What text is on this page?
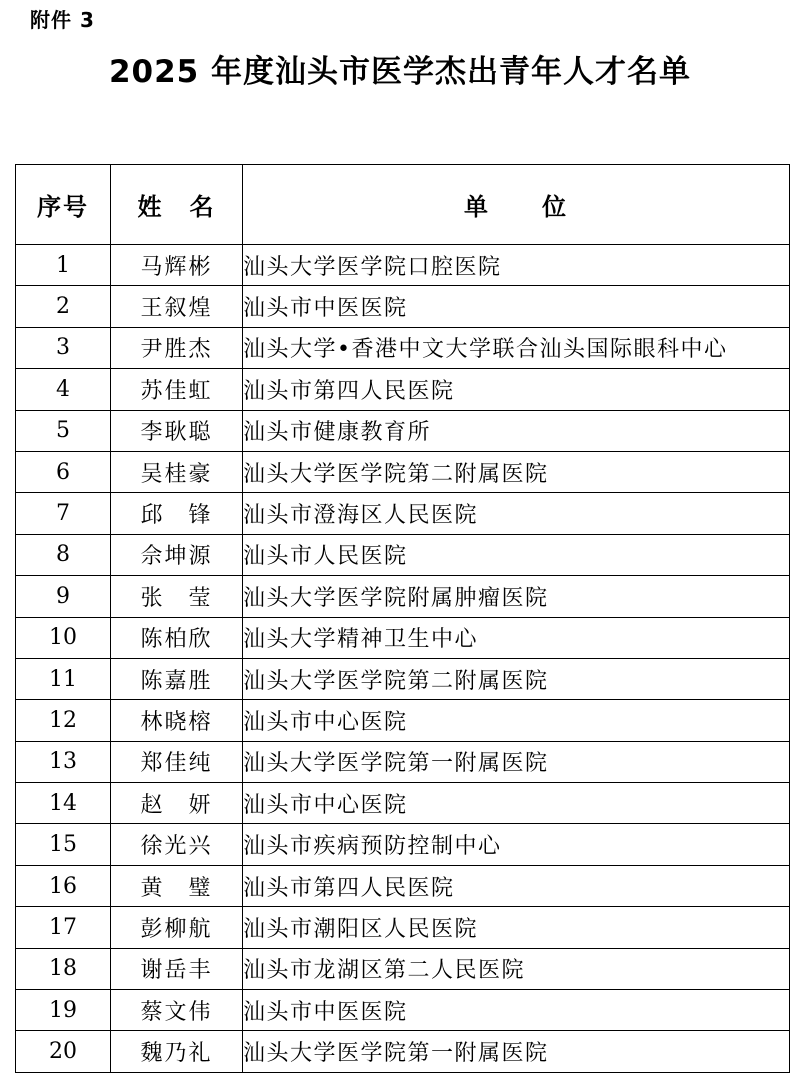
附件 3
2025 年度汕头市医学杰出青年人才名单
序号	姓　名	单　　位
1	马辉彬	汕头大学医学院口腔医院
2	王叙煌	汕头市中医医院
3	尹胜杰	汕头大学•香港中文大学联合汕头国际眼科中心
4	苏佳虹	汕头市第四人民医院
5	李耿聪	汕头市健康教育所
6	吴桂豪	汕头大学医学院第二附属医院
7	邱　锋	汕头市澄海区人民医院
8	佘坤源	汕头市人民医院
9	张　莹	汕头大学医学院附属肿瘤医院
10	陈柏欣	汕头大学精神卫生中心
11	陈嘉胜	汕头大学医学院第二附属医院
12	林晓榕	汕头市中心医院
13	郑佳纯	汕头大学医学院第一附属医院
14	赵　妍	汕头市中心医院
15	徐光兴	汕头市疾病预防控制中心
16	黄　璧	汕头市第四人民医院
17	彭柳航	汕头市潮阳区人民医院
18	谢岳丰	汕头市龙湖区第二人民医院
19	蔡文伟	汕头市中医医院
20	魏乃礼	汕头大学医学院第一附属医院
